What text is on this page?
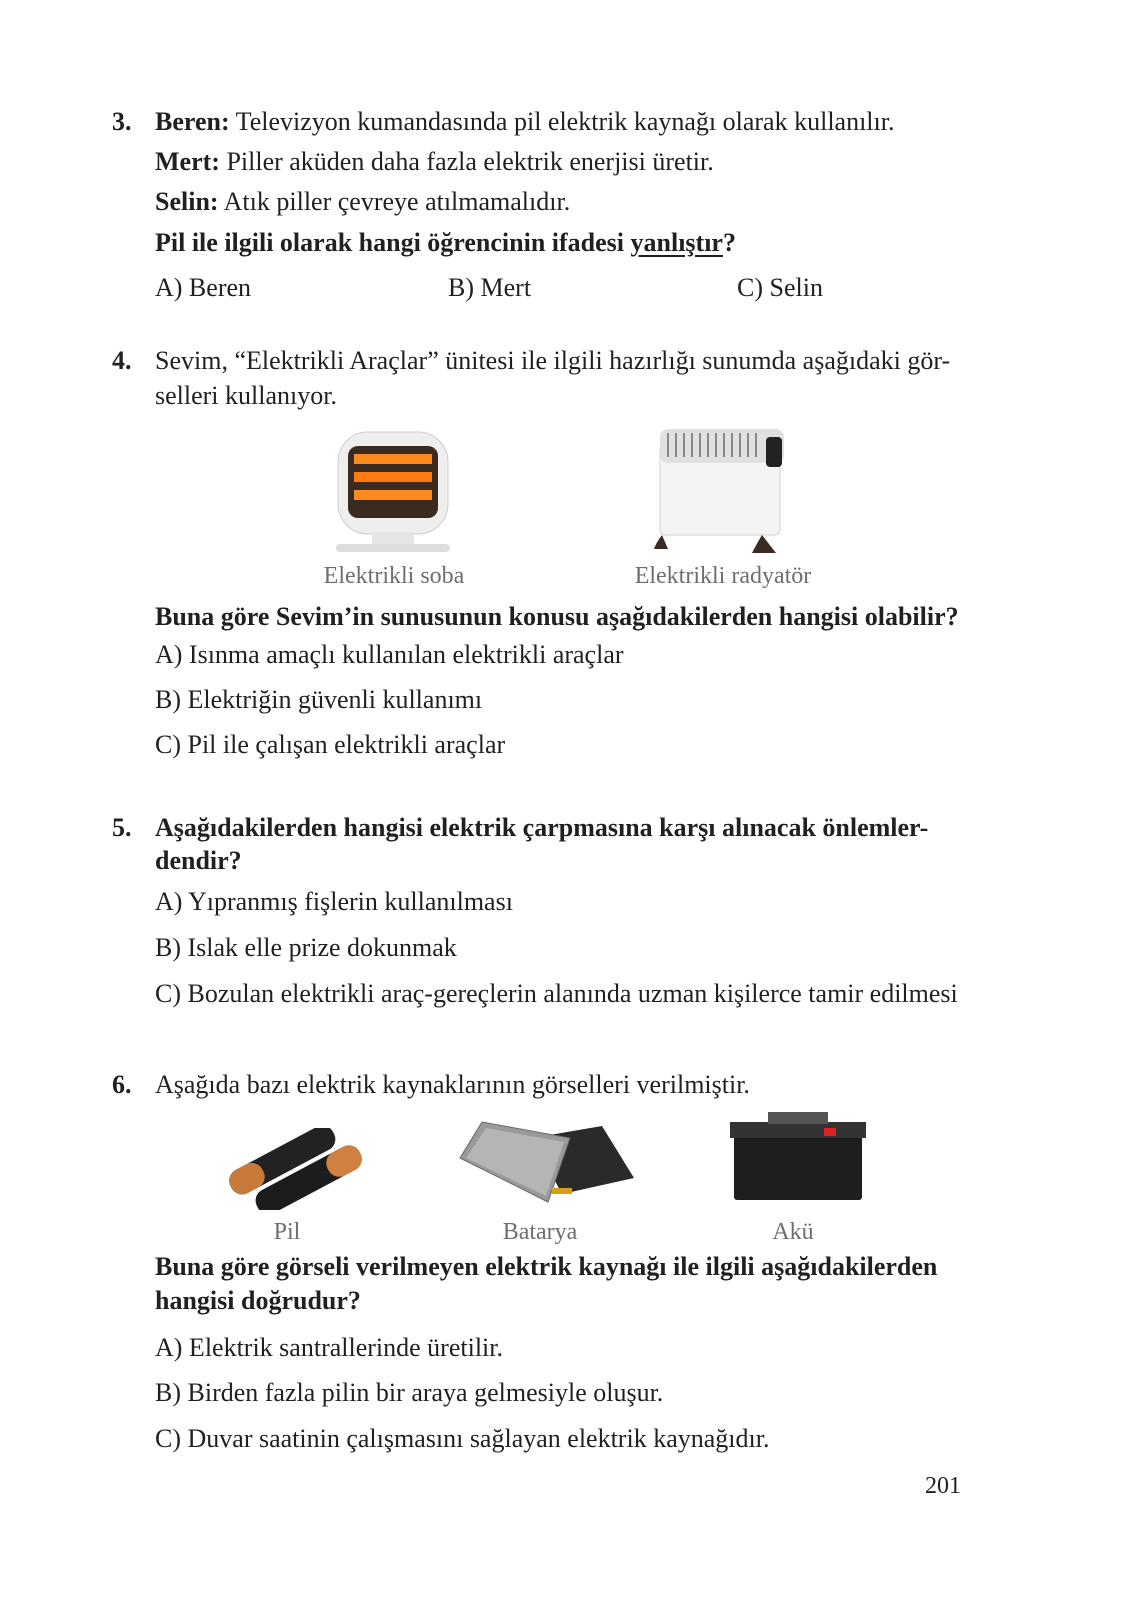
3. Beren: Televizyon kumandasında pil elektrik kaynağı olarak kullanılır.
Mert: Piller aküden daha fazla elektrik enerjisi üretir.
Selin: Atık piller çevreye atılmamalıdır.
Pil ile ilgili olarak hangi öğrencinin ifadesi yanlıştır?
A) Beren	B) Mert	C) Selin
4. Sevim, “Elektrikli Araçlar” ünitesi ile ilgili hazırlığı sunumda aşağıdaki gör-
selleri kullanıyor.
Elektrikli soba	Elektrikli radyatör
Buna göre Sevim’in sunusunun konusu aşağıdakilerden hangisi olabilir?
A) Isınma amaçlı kullanılan elektrikli araçlar
B) Elektriğin güvenli kullanımı
C) Pil ile çalışan elektrikli araçlar
5. Aşağıdakilerden hangisi elektrik çarpmasına karşı alınacak önlemler-
dendir?
A) Yıpranmış fişlerin kullanılması
B) Islak elle prize dokunmak
C) Bozulan elektrikli araç-gereçlerin alanında uzman kişilerce tamir edilmesi
6. Aşağıda bazı elektrik kaynaklarının görselleri verilmiştir.
Pil	Batarya	Akü
Buna göre görseli verilmeyen elektrik kaynağı ile ilgili aşağıdakilerden
hangisi doğrudur?
A) Elektrik santrallerinde üretilir.
B) Birden fazla pilin bir araya gelmesiyle oluşur.
C) Duvar saatinin çalışmasını sağlayan elektrik kaynağıdır.
201
